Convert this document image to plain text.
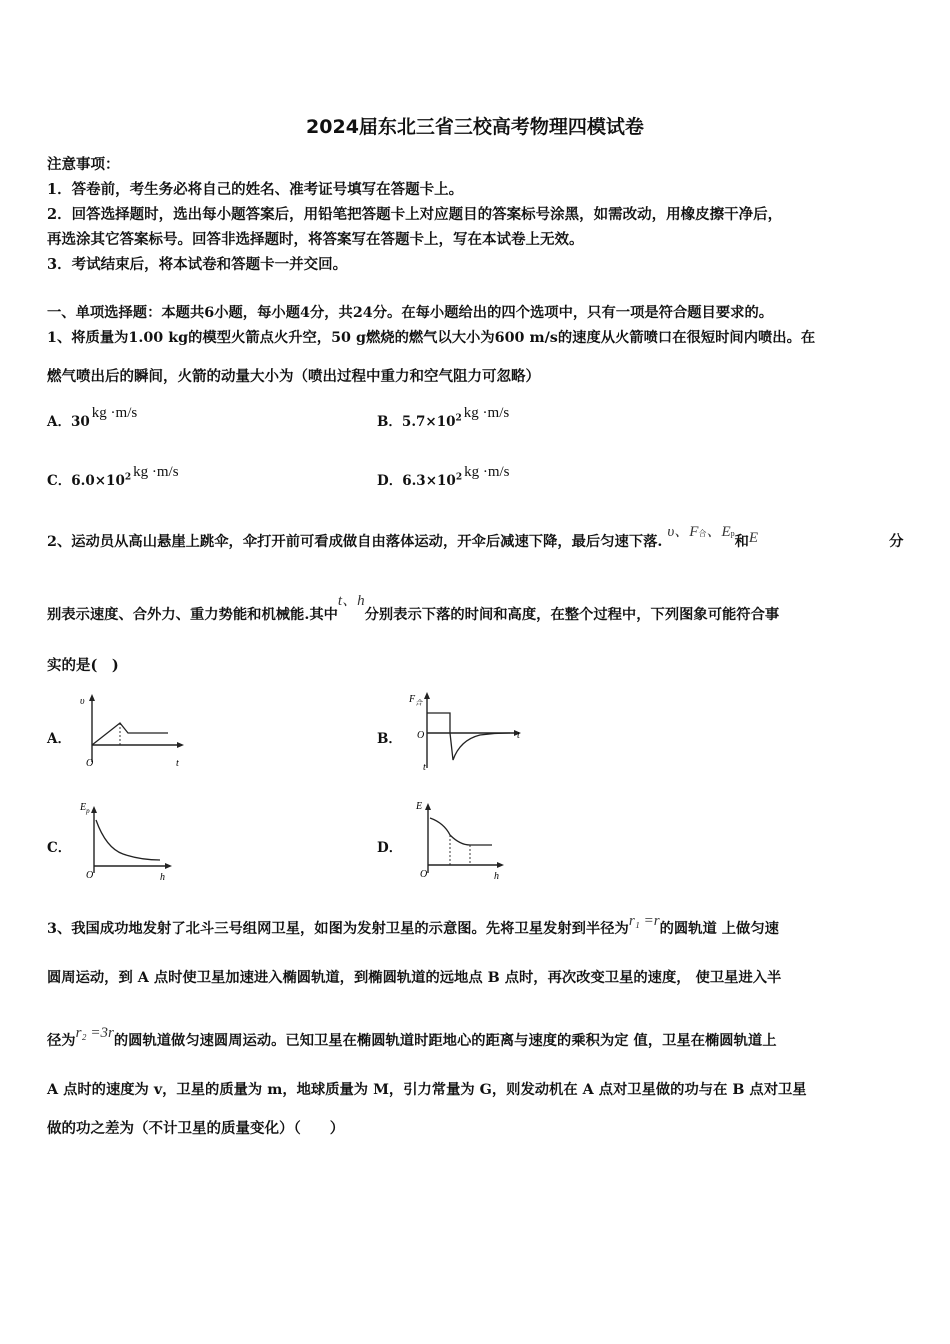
2024届东北三省三校高考物理四模试卷
注意事项：
1．答卷前，考生务必将自己的姓名、准考证号填写在答题卡上。
2．回答选择题时，选出每小题答案后，用铅笔把答题卡上对应题目的答案标号涂黑，如需改动，用橡皮擦干净后，
再选涂其它答案标号。回答非选择题时，将答案写在答题卡上，写在本试卷上无效。
3．考试结束后，将本试卷和答题卡一并交回。
一、单项选择题：本题共6小题，每小题4分，共24分。在每小题给出的四个选项中，只有一项是符合题目要求的。
1、将质量为1.00 kg的模型火箭点火升空，50 g燃烧的燃气以大小为600 m/s的速度从火箭喷口在很短时间内喷出。在
燃气喷出后的瞬间，火箭的动量大小为（喷出过程中重力和空气阻力可忽略）
A．30kg ·m/s
B．$5.7\times 10^2$ kg ·m/s
C．$6.0\times 10^2$ kg ·m/s
D．$6.3\times 10^2$ kg ·m/s
2、运动员从高山悬崖上跳伞，伞打开前可看成做自由落体运动，开伞后减速下降，最后匀速下落. υ、F合、Ep和E	分
别表示速度、合外力、重力势能和机械能.其中t、h分别表示下落的时间和高度，在整个过程中，下列图象可能符合事
实的是(　)
A．	B．
C．	D．
υ
O	t
$F_合$
O
t
t
$E_p$
O	h
E
O	h
3、我国成功地发射了北斗三号组网卫星，如图为发射卫星的示意图。先将卫星发射到半径为r₁ =r的圆轨道 上做匀速
圆周运动，到 A 点时使卫星加速进入椭圆轨道，到椭圆轨道的远地点 B 点时，再次改变卫星的速度， 使卫星进入半
径为r₂ =3r的圆轨道做匀速圆周运动。已知卫星在椭圆轨道时距地心的距离与速度的乘积为定 值，卫星在椭圆轨道上
A 点时的速度为 v，卫星的质量为 m，地球质量为 M，引力常量为 G，则发动机在 A 点对卫星做的功与在 B 点对卫星
做的功之差为（不计卫星的质量变化）（　　）
